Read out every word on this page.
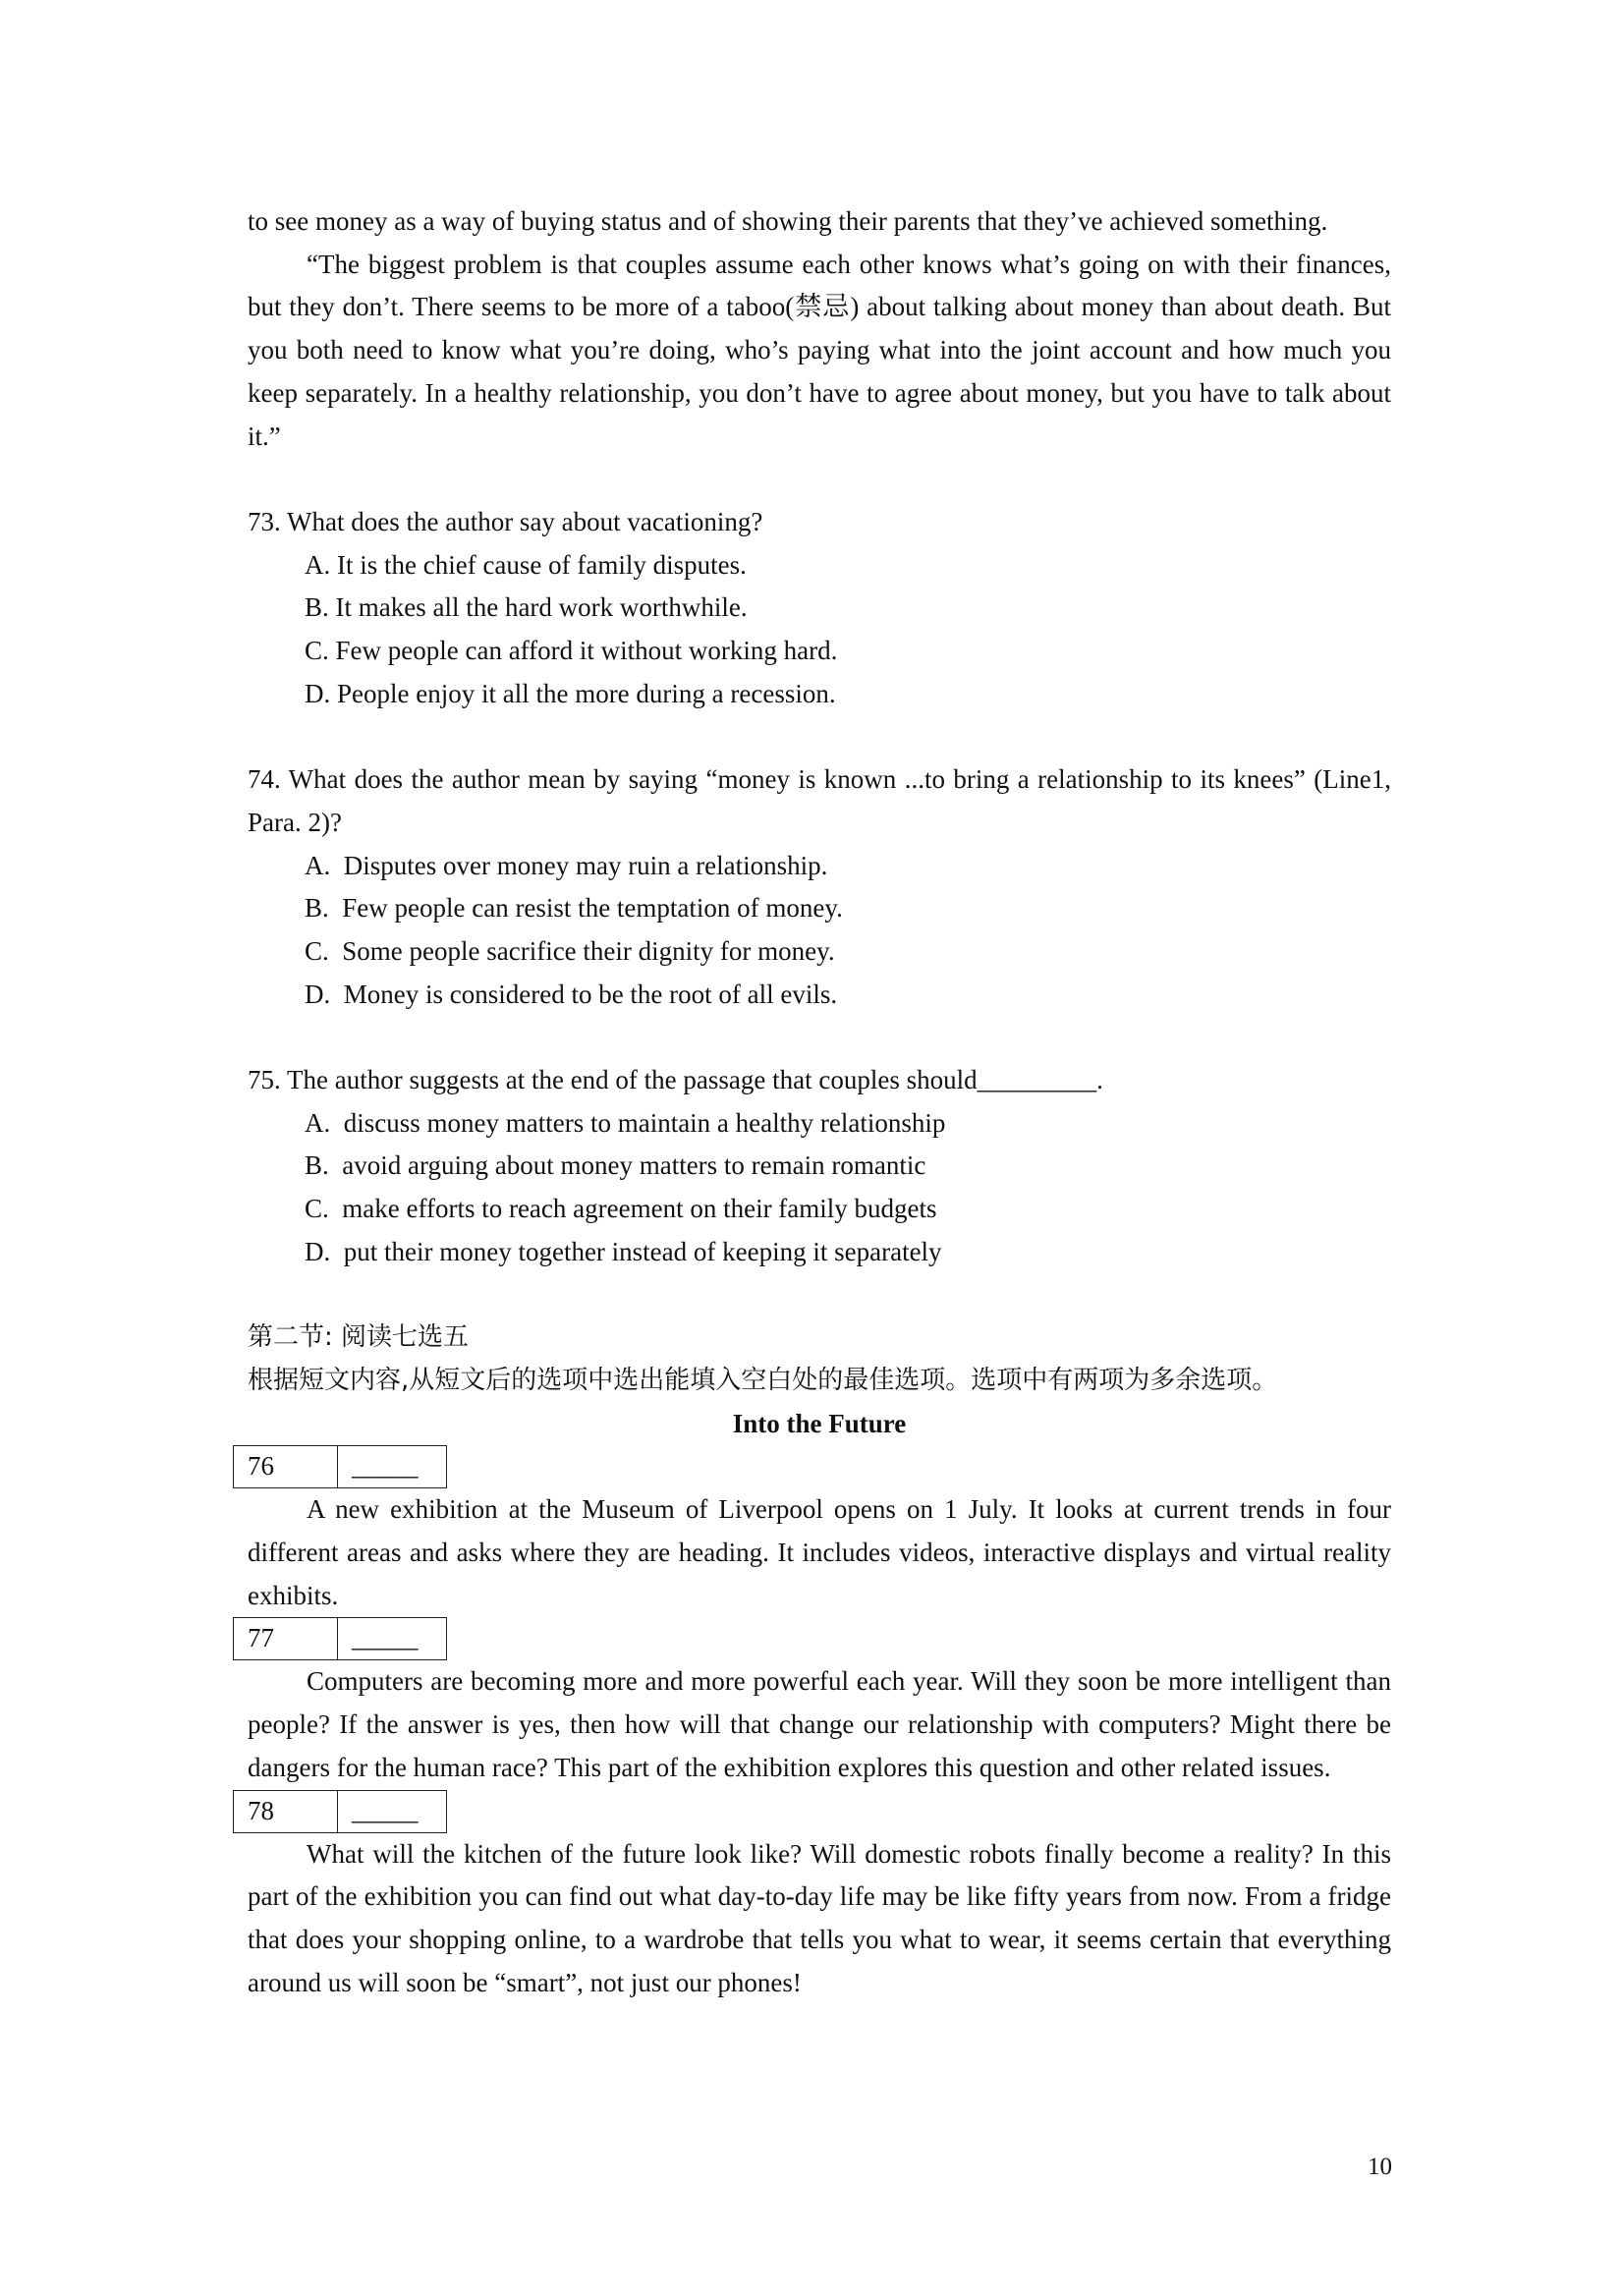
to see money as a way of buying status and of showing their parents that they’ve achieved something.

“The biggest problem is that couples assume each other knows what’s going on with their finances, but they don’t. There seems to be more of a taboo(禁忌) about talking about money than about death. But you both need to know what you’re doing, who’s paying what into the joint account and how much you keep separately. In a healthy relationship, you don’t have to agree about money, but you have to talk about it.”

73. What does the author say about vacationing?

A. It is the chief cause of family disputes.

B. It makes all the hard work worthwhile.

C. Few people can afford it without working hard.

D. People enjoy it all the more during a recession.

74. What does the author mean by saying “money is known ...to bring a relationship to its knees” (Line1, Para. 2)?

A.  Disputes over money may ruin a relationship.

B.  Few people can resist the temptation of money.

C.  Some people sacrifice their dignity for money.

D.  Money is considered to be the root of all evils.

75. The author suggests at the end of the passage that couples should_________.

A.  discuss money matters to maintain a healthy relationship

B.  avoid arguing about money matters to remain romantic

C.  make efforts to reach agreement on their family budgets

D.  put their money together instead of keeping it separately

第二节: 阅读七选五

根据短文内容,从短文后的选项中选出能填入空白处的最佳选项。选项中有两项为多余选项。

Into the Future

76	_____

A new exhibition at the Museum of Liverpool opens on 1 July. It looks at current trends in four different areas and asks where they are heading. It includes videos, interactive displays and virtual reality exhibits.

77	_____

Computers are becoming more and more powerful each year. Will they soon be more intelligent than people? If the answer is yes, then how will that change our relationship with computers? Might there be dangers for the human race? This part of the exhibition explores this question and other related issues.

78	_____

What will the kitchen of the future look like? Will domestic robots finally become a reality? In this part of the exhibition you can find out what day-to-day life may be like fifty years from now. From a fridge that does your shopping online, to a wardrobe that tells you what to wear, it seems certain that everything around us will soon be “smart”, not just our phones!

10
